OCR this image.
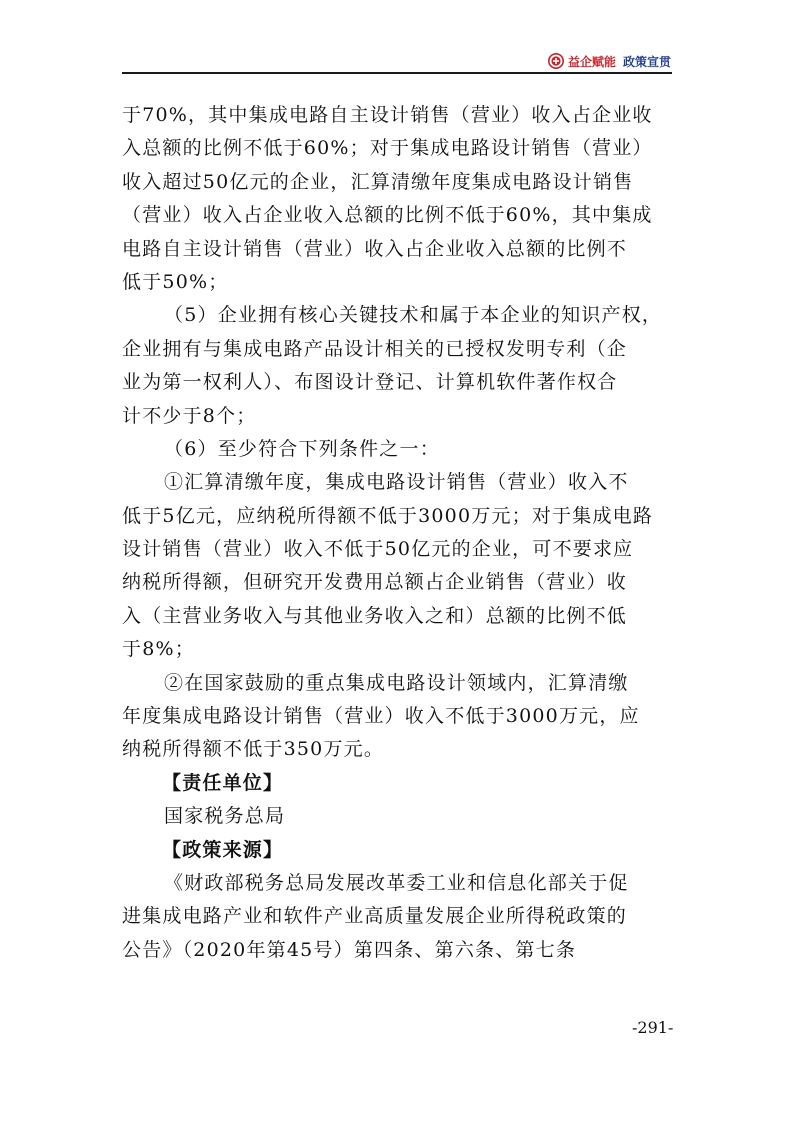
益企赋能 政策宣贯
于70%，其中集成电路自主设计销售（营业）收入占企业收
入总额的比例不低于60%；对于集成电路设计销售（营业）
收入超过50亿元的企业，汇算清缴年度集成电路设计销售
（营业）收入占企业收入总额的比例不低于60%，其中集成
电路自主设计销售（营业）收入占企业收入总额的比例不
低于50%；
（5）企业拥有核心关键技术和属于本企业的知识产权，
企业拥有与集成电路产品设计相关的已授权发明专利（企
业为第一权利人）、布图设计登记、计算机软件著作权合
计不少于8个；
（6）至少符合下列条件之一：
①汇算清缴年度，集成电路设计销售（营业）收入不
低于5亿元，应纳税所得额不低于3000万元；对于集成电路
设计销售（营业）收入不低于50亿元的企业，可不要求应
纳税所得额，但研究开发费用总额占企业销售（营业）收
入（主营业务收入与其他业务收入之和）总额的比例不低
于8%；
②在国家鼓励的重点集成电路设计领域内，汇算清缴
年度集成电路设计销售（营业）收入不低于3000万元，应
纳税所得额不低于350万元。
【责任单位】
国家税务总局
【政策来源】
《财政部税务总局发展改革委工业和信息化部关于促
进集成电路产业和软件产业高质量发展企业所得税政策的
公告》（2020年第45号）第四条、第六条、第七条
-291-
